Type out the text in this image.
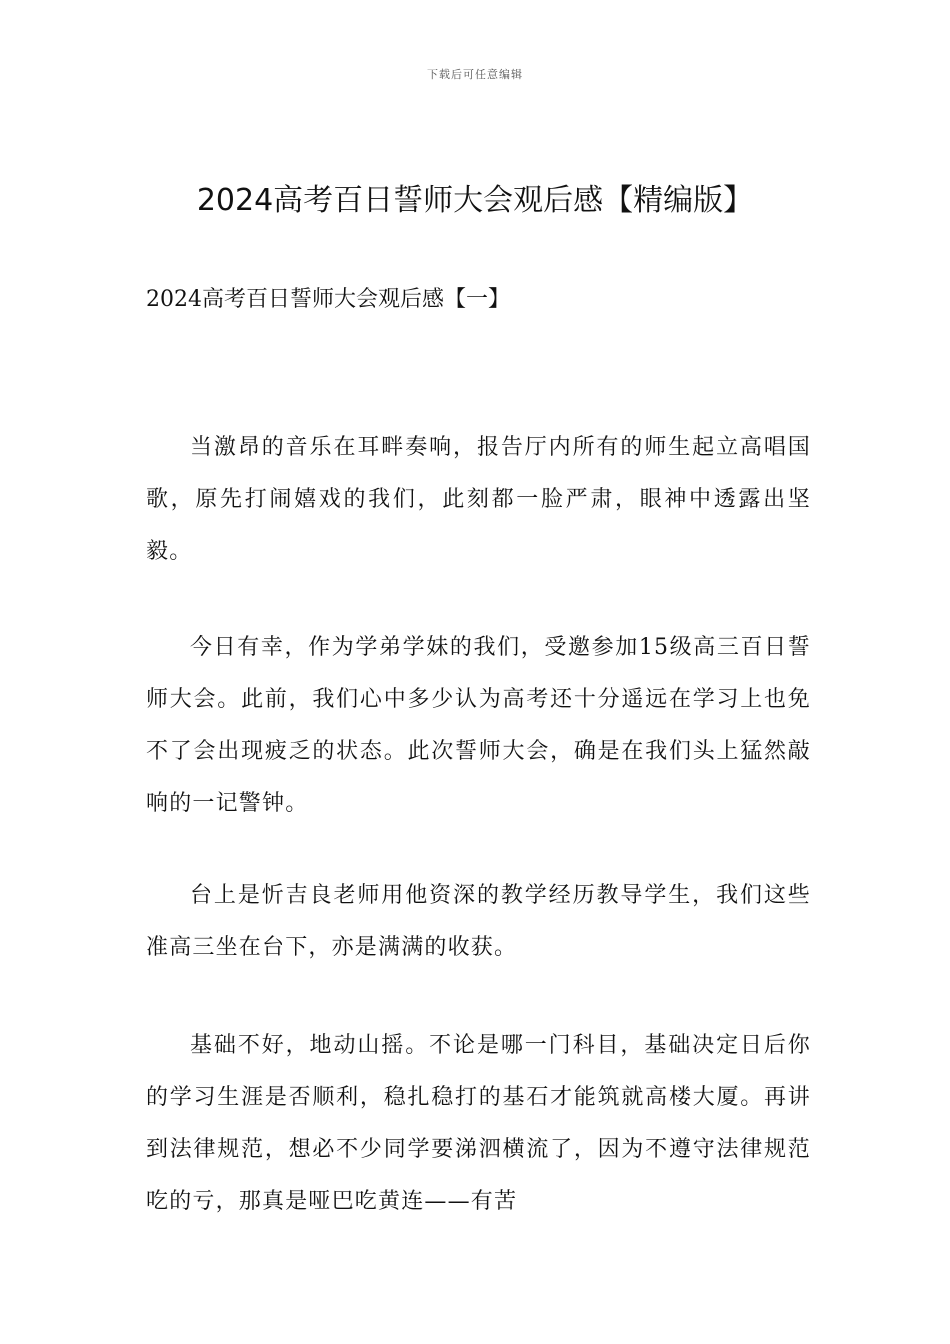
下载后可任意编辑
2024高考百日誓师大会观后感【精编版】
2024高考百日誓师大会观后感【一】

当激昂的音乐在耳畔奏响，报告厅内所有的师生起立高唱国歌，原先打闹嬉戏的我们，此刻都一脸严肃，眼神中透露出坚毅。

今日有幸，作为学弟学妹的我们，受邀参加15级高三百日誓师大会。此前，我们心中多少认为高考还十分遥远在学习上也免不了会出现疲乏的状态。此次誓师大会，确是在我们头上猛然敲响的一记警钟。

台上是忻吉良老师用他资深的教学经历教导学生，我们这些准高三坐在台下，亦是满满的收获。

基础不好，地动山摇。不论是哪一门科目，基础决定日后你的学习生涯是否顺利，稳扎稳打的基石才能筑就高楼大厦。再讲到法律规范，想必不少同学要涕泗横流了，因为不遵守法律规范吃的亏，那真是哑巴吃黄连——有苦
